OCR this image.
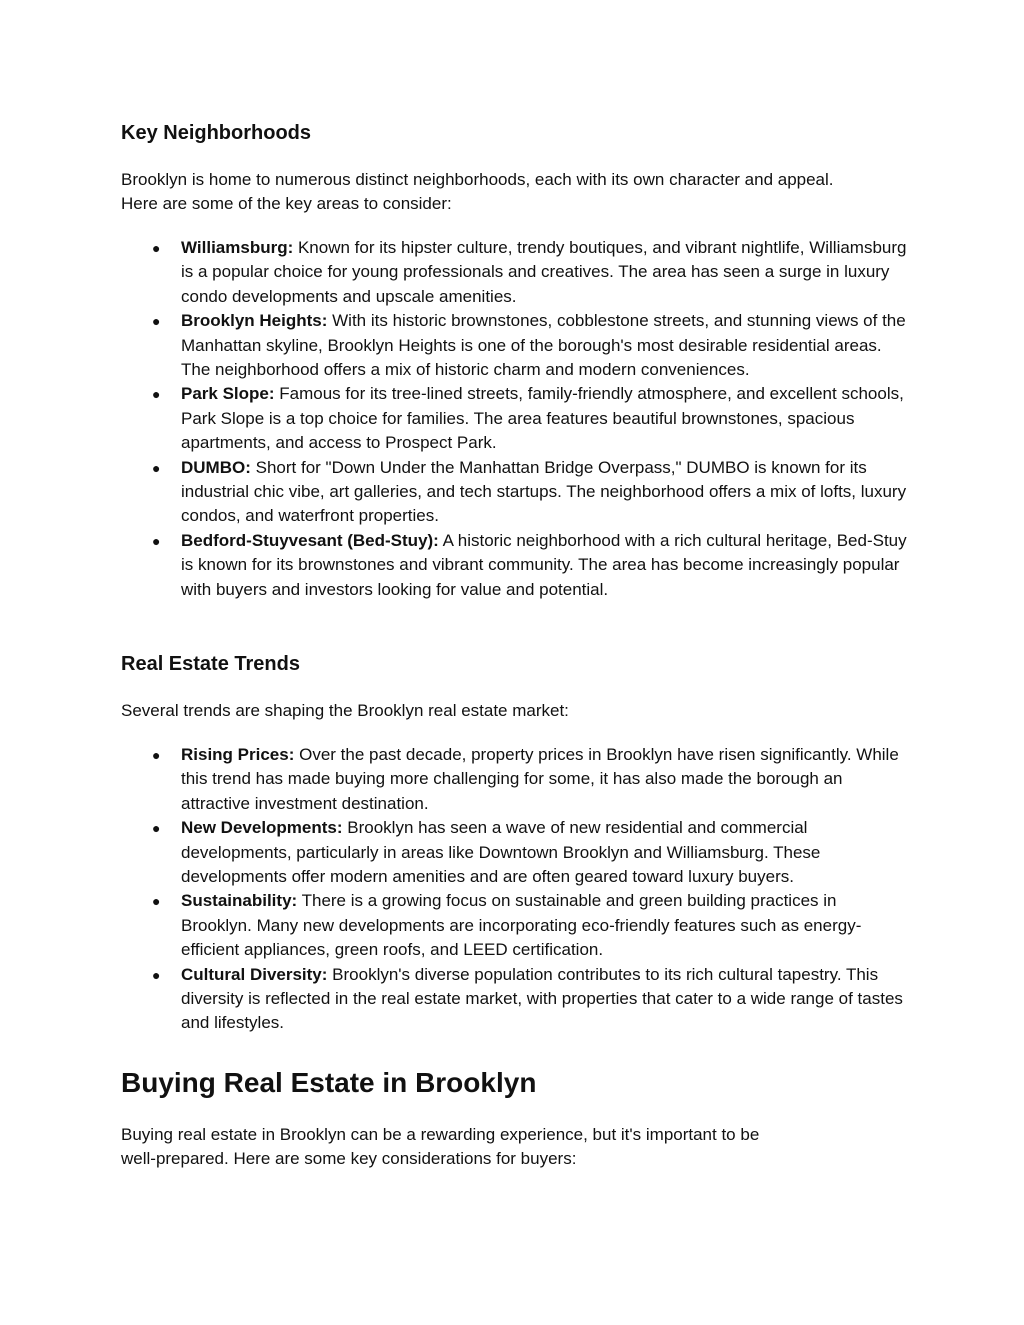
Key Neighborhoods

Brooklyn is home to numerous distinct neighborhoods, each with its own character and appeal.
Here are some of the key areas to consider:

● Williamsburg: Known for its hipster culture, trendy boutiques, and vibrant nightlife, Williamsburg is a popular choice for young professionals and creatives. The area has seen a surge in luxury condo developments and upscale amenities.
● Brooklyn Heights: With its historic brownstones, cobblestone streets, and stunning views of the Manhattan skyline, Brooklyn Heights is one of the borough's most desirable residential areas. The neighborhood offers a mix of historic charm and modern conveniences.
● Park Slope: Famous for its tree-lined streets, family-friendly atmosphere, and excellent schools, Park Slope is a top choice for families. The area features beautiful brownstones, spacious apartments, and access to Prospect Park.
● DUMBO: Short for "Down Under the Manhattan Bridge Overpass," DUMBO is known for its industrial chic vibe, art galleries, and tech startups. The neighborhood offers a mix of lofts, luxury condos, and waterfront properties.
● Bedford-Stuyvesant (Bed-Stuy): A historic neighborhood with a rich cultural heritage, Bed-Stuy is known for its brownstones and vibrant community. The area has become increasingly popular with buyers and investors looking for value and potential.
Real Estate Trends

Several trends are shaping the Brooklyn real estate market:

● Rising Prices: Over the past decade, property prices in Brooklyn have risen significantly. While this trend has made buying more challenging for some, it has also made the borough an attractive investment destination.
● New Developments: Brooklyn has seen a wave of new residential and commercial developments, particularly in areas like Downtown Brooklyn and Williamsburg. These developments offer modern amenities and are often geared toward luxury buyers.
● Sustainability: There is a growing focus on sustainable and green building practices in Brooklyn. Many new developments are incorporating eco-friendly features such as energy-efficient appliances, green roofs, and LEED certification.
● Cultural Diversity: Brooklyn's diverse population contributes to its rich cultural tapestry. This diversity is reflected in the real estate market, with properties that cater to a wide range of tastes and lifestyles.
Buying Real Estate in Brooklyn

Buying real estate in Brooklyn can be a rewarding experience, but it's important to be
well-prepared. Here are some key considerations for buyers:
